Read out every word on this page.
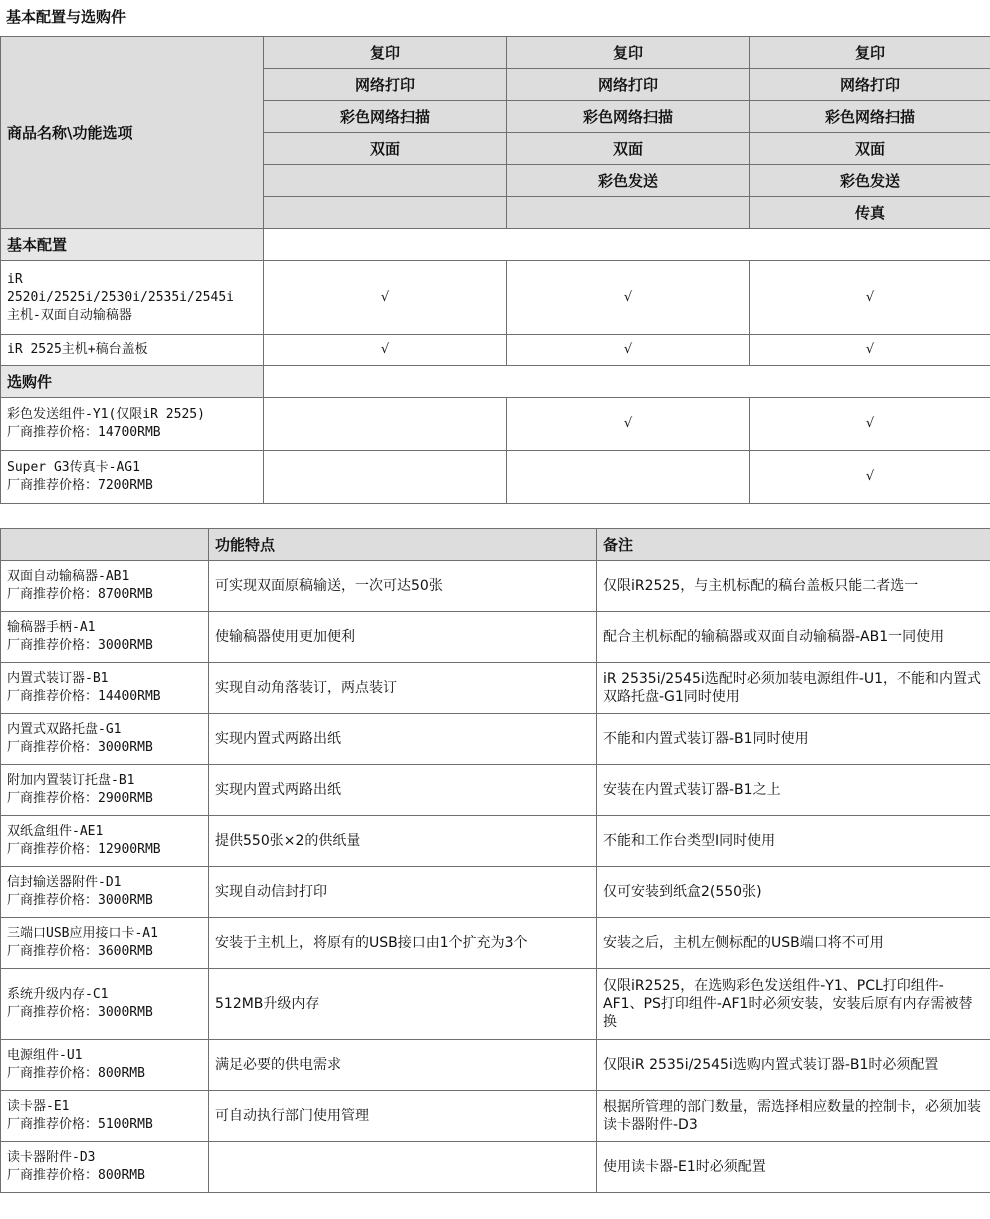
基本配置与选购件
商品名称\功能选项	复印	复印	复印
	网络打印	网络打印	网络打印
	彩色网络扫描	彩色网络扫描	彩色网络扫描
	双面	双面	双面
		彩色发送	彩色发送
			传真
基本配置			

iR
2520i/2525i/2530i/2535i/2545i
主机-双面自动输稿器	√	√	√

iR 2525主机+稿台盖板	√	√	√
选购件			

彩色发送组件-Y1(仅限iR 2525)
厂商推荐价格：14700RMB		√	√

Super G3传真卡-AG1
厂商推荐价格：7200RMB			√
	功能特点	备注

双面自动输稿器-AB1
厂商推荐价格：8700RMB	可实现双面原稿输送，一次可达50张	仅限iR2525，与主机标配的稿台盖板只能二者选一

输稿器手柄-A1
厂商推荐价格：3000RMB	使输稿器使用更加便利	配合主机标配的输稿器或双面自动输稿器-AB1一同使用

内置式装订器-B1
厂商推荐价格：14400RMB	实现自动角落装订，两点装订	iR 2535i/2545i选配时必须加装电源组件-U1，不能和内置式双路托盘-G1同时使用

内置式双路托盘-G1
厂商推荐价格：3000RMB	实现内置式两路出纸	不能和内置式装订器-B1同时使用

附加内置装订托盘-B1
厂商推荐价格：2900RMB	实现内置式两路出纸	安装在内置式装订器-B1之上

双纸盒组件-AE1
厂商推荐价格：12900RMB	提供550张×2的供纸量	不能和工作台类型I同时使用

信封输送器附件-D1
厂商推荐价格：3000RMB	实现自动信封打印	仅可安装到纸盒2(550张)

三端口USB应用接口卡-A1
厂商推荐价格：3600RMB	安装于主机上，将原有的USB接口由1个扩充为3个	安装之后，主机左侧标配的USB端口将不可用

系统升级内存-C1
厂商推荐价格：3000RMB	512MB升级内存	仅限iR2525，在选购彩色发送组件-Y1、PCL打印组件-AF1、PS打印组件-AF1时必须安装，安装后原有内存需被替换

电源组件-U1
厂商推荐价格：800RMB	满足必要的供电需求	仅限iR 2535i/2545i选购内置式装订器-B1时必须配置

读卡器-E1
厂商推荐价格：5100RMB	可自动执行部门使用管理	根据所管理的部门数量，需选择相应数量的控制卡，必须加装读卡器附件-D3

读卡器附件-D3
厂商推荐价格：800RMB		使用读卡器-E1时必须配置
